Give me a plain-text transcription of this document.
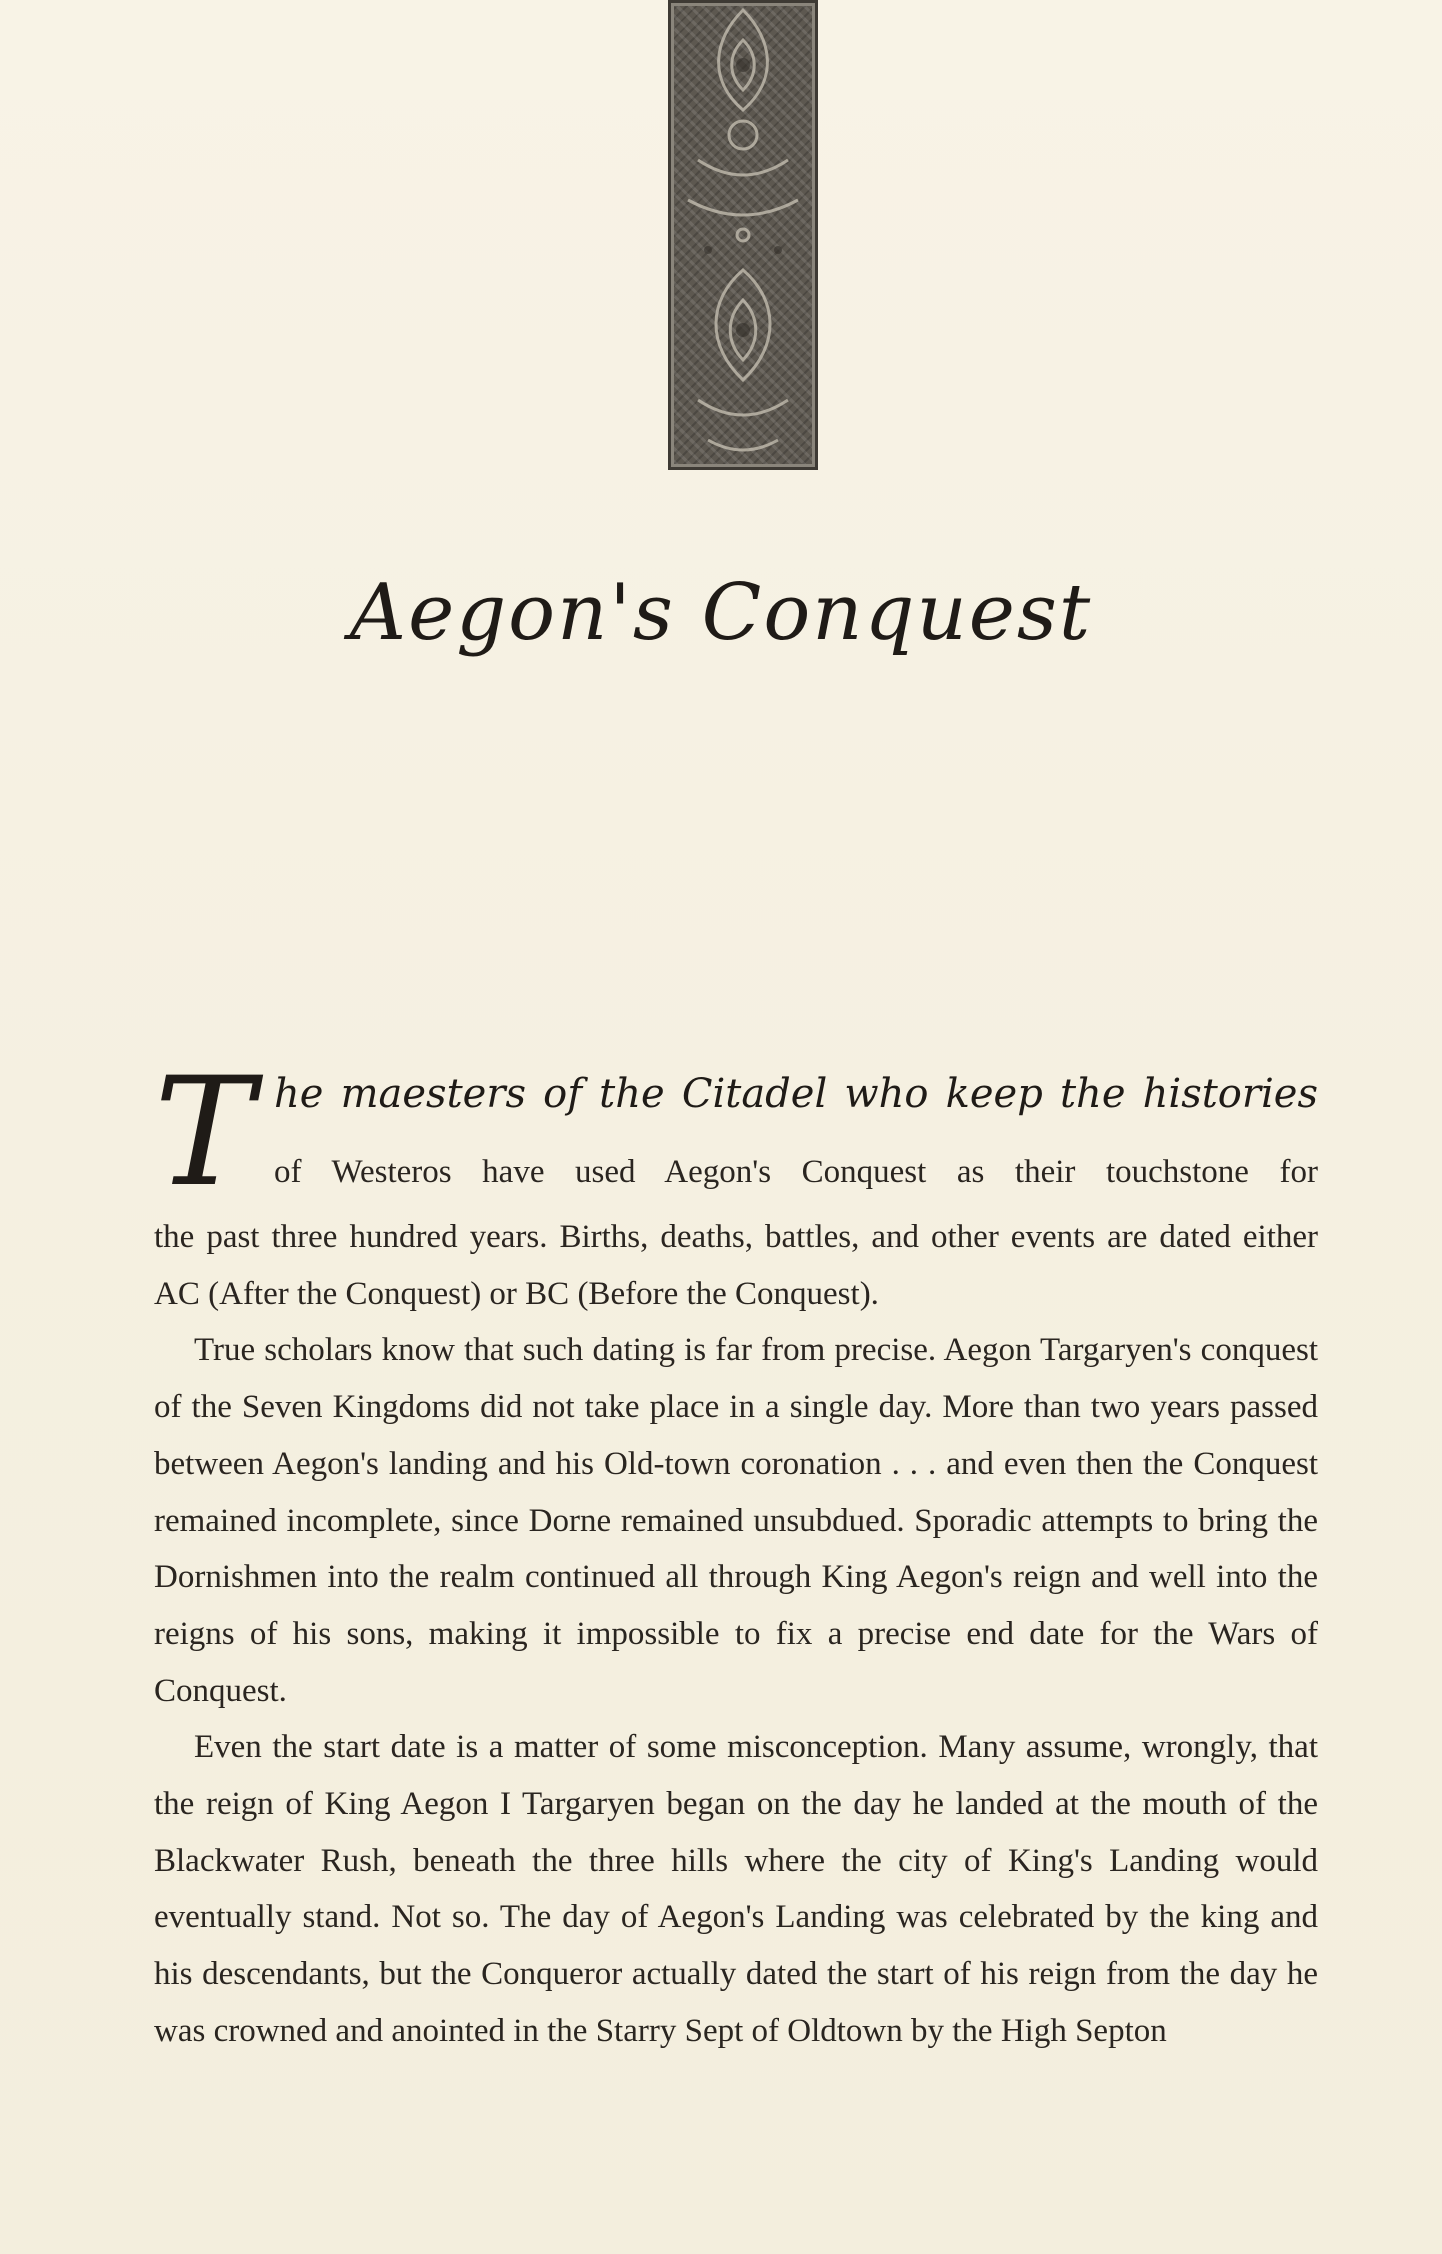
Aegon's Conquest
T he maesters of the Citadel who keep the histories
of Westeros have used Aegon's Conquest as their touchstone for

the past three hundred years. Births, deaths, battles, and other events are dated either AC (After the Conquest) or BC (Before the Conquest).

True scholars know that such dating is far from precise. Aegon Targaryen's conquest of the Seven Kingdoms did not take place in a single day. More than two years passed between Aegon's landing and his Old-town coronation . . . and even then the Conquest remained incomplete, since Dorne remained unsubdued. Sporadic attempts to bring the Dornishmen into the realm continued all through King Aegon's reign and well into the reigns of his sons, making it impossible to fix a precise end date for the Wars of Conquest.

Even the start date is a matter of some misconception. Many assume, wrongly, that the reign of King Aegon I Targaryen began on the day he landed at the mouth of the Blackwater Rush, beneath the three hills where the city of King's Landing would eventually stand. Not so. The day of Aegon's Landing was celebrated by the king and his descendants, but the Conqueror actually dated the start of his reign from the day he was crowned and anointed in the Starry Sept of Oldtown by the High Septon
